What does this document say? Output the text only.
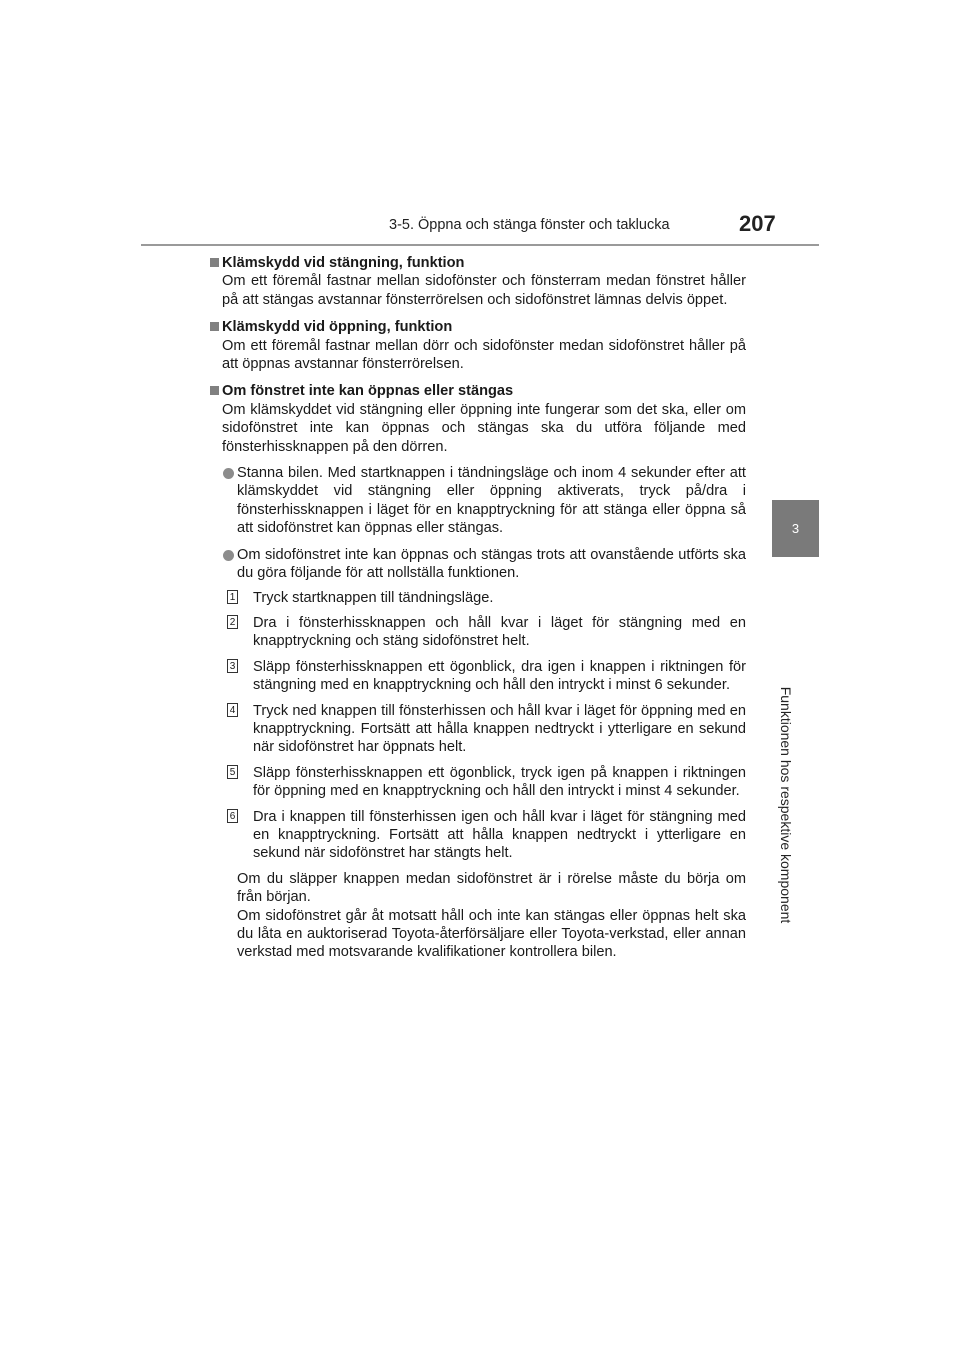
3-5. Öppna och stänga fönster och taklucka	207
3
Funktionen hos respektive komponent
Klämskydd vid stängning, funktion
Om ett föremål fastnar mellan sidofönster och fönsterram medan fönstret håller på att stängas avstannar fönsterrörelsen och sidofönstret lämnas delvis öppet.
Klämskydd vid öppning, funktion
Om ett föremål fastnar mellan dörr och sidofönster medan sidofönstret håller på att öppnas avstannar fönsterrörelsen.
Om fönstret inte kan öppnas eller stängas
Om klämskyddet vid stängning eller öppning inte fungerar som det ska, eller om sidofönstret inte kan öppnas och stängas ska du utföra följande med fönsterhissknappen på den dörren.
Stanna bilen. Med startknappen i tändningsläge och inom 4 sekunder efter att klämskyddet vid stängning eller öppning aktiverats, tryck på/dra i fönsterhissknappen i läget för en knapptryckning för att stänga eller öppna så att sidofönstret kan öppnas eller stängas.
Om sidofönstret inte kan öppnas och stängas trots att ovanstående utförts ska du göra följande för att nollställa funktionen.
1 Tryck startknappen till tändningsläge.
2 Dra i fönsterhissknappen och håll kvar i läget för stängning med en knapptryckning och stäng sidofönstret helt.
3 Släpp fönsterhissknappen ett ögonblick, dra igen i knappen i riktningen för stängning med en knapptryckning och håll den intryckt i minst 6 sekunder.
4 Tryck ned knappen till fönsterhissen och håll kvar i läget för öppning med en knapptryckning. Fortsätt att hålla knappen nedtryckt i ytterligare en sekund när sidofönstret har öppnats helt.
5 Släpp fönsterhissknappen ett ögonblick, tryck igen på knappen i riktningen för öppning med en knapptryckning och håll den intryckt i minst 4 sekunder.
6 Dra i knappen till fönsterhissen igen och håll kvar i läget för stängning med en knapptryckning. Fortsätt att hålla knappen nedtryckt i ytterligare en sekund när sidofönstret har stängts helt.
Om du släpper knappen medan sidofönstret är i rörelse måste du börja om från början.
Om sidofönstret går åt motsatt håll och inte kan stängas eller öppnas helt ska du låta en auktoriserad Toyota-återförsäljare eller Toyota-verkstad, eller annan verkstad med motsvarande kvalifikationer kontrollera bilen.
